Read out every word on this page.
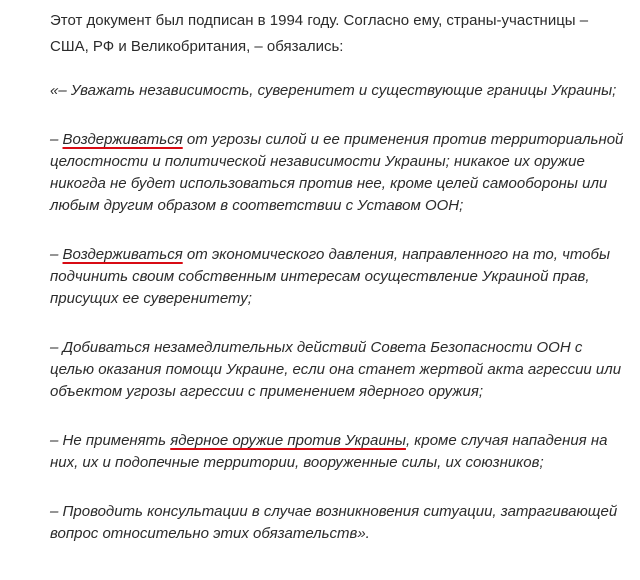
Этот документ был подписан в 1994 году. Согласно ему, страны-участницы – США, РФ и Великобритания, – обязались:

«– Уважать независимость, суверенитет и существующие границы Украины;

– Воздерживаться от угрозы силой и ее применения против территориальной целостности и политической независимости Украины; никакое их оружие никогда не будет использоваться против нее, кроме целей самообороны или любым другим образом в соответствии с Уставом ООН;

– Воздерживаться от экономического давления, направленного на то, чтобы подчинить своим собственным интересам осуществление Украиной прав, присущих ее суверенитету;

– Добиваться незамедлительных действий Совета Безопасности ООН с целью оказания помощи Украине, если она станет жертвой акта агрессии или объектом угрозы агрессии с применением ядерного оружия;

– Не применять ядерное оружие против Украины, кроме случая нападения на них, их и подопечные территории, вооруженные силы, их союзников;

– Проводить консультации в случае возникновения ситуации, затрагивающей вопрос относительно этих обязательств».
